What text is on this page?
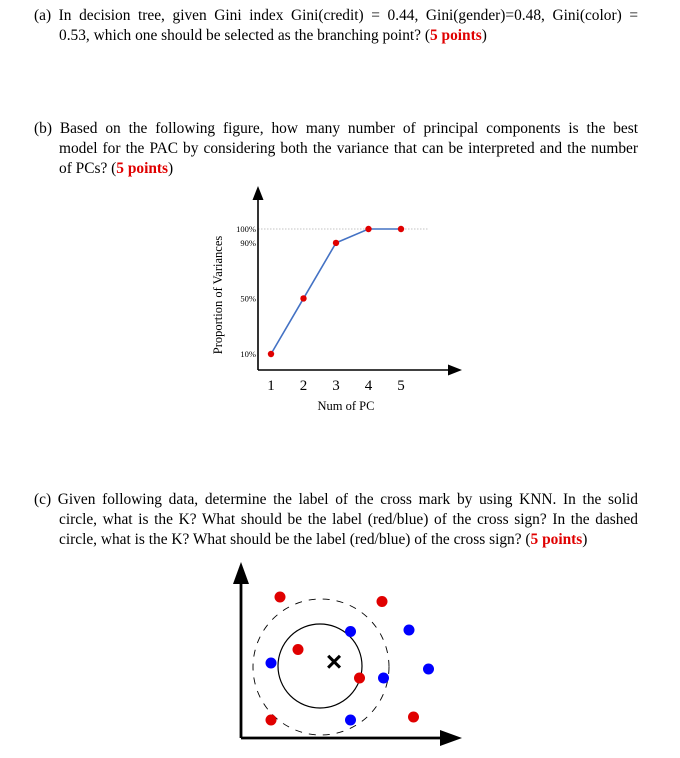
(a) In decision tree, given Gini index Gini(credit) = 0.44, Gini(gender)=0.48, Gini(color) =
0.53, which one should be selected as the branching point? (5 points)
(b) Based on the following figure, how many number of principal components is the best
model for the PAC by considering both the variance that can be interpreted and the number
of PCs? (5 points)
(c) Given following data, determine the label of the cross mark by using KNN. In the solid
circle, what is the K? What should be the label (red/blue) of the cross sign? In the dashed
circle, what is the K? What should be the label (red/blue) of the cross sign? (5 points)
Proportion of Variances
Num of PC
10%
50%
90%
100%
1 2 3 4 5
×
